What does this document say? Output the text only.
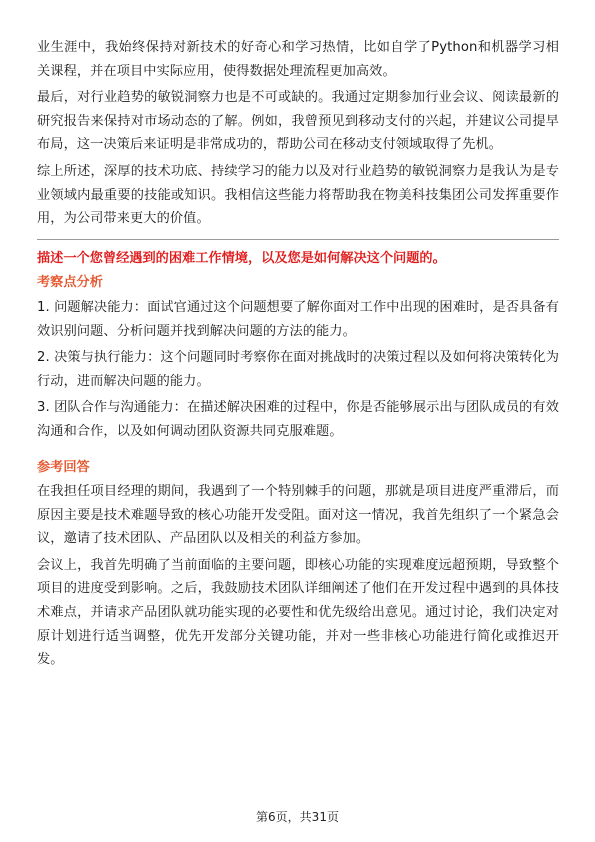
业生涯中，我始终保持对新技术的好奇心和学习热情，比如自学了Python和机器学习相关课程，并在项目中实际应用，使得数据处理流程更加高效。

最后，对行业趋势的敏锐洞察力也是不可或缺的。我通过定期参加行业会议、阅读最新的研究报告来保持对市场动态的了解。例如，我曾预见到移动支付的兴起，并建议公司提早布局，这一决策后来证明是非常成功的，帮助公司在移动支付领域取得了先机。

综上所述，深厚的技术功底、持续学习的能力以及对行业趋势的敏锐洞察力是我认为是专业领域内最重要的技能或知识。我相信这些能力将帮助我在物美科技集团公司发挥重要作用，为公司带来更大的价值。

描述一个您曾经遇到的困难工作情境，以及您是如何解决这个问题的。

考察点分析

1. 问题解决能力：面试官通过这个问题想要了解你面对工作中出现的困难时，是否具备有效识别问题、分析问题并找到解决问题的方法的能力。

2. 决策与执行能力：这个问题同时考察你在面对挑战时的决策过程以及如何将决策转化为行动，进而解决问题的能力。

3. 团队合作与沟通能力：在描述解决困难的过程中，你是否能够展示出与团队成员的有效沟通和合作，以及如何调动团队资源共同克服难题。

参考回答

在我担任项目经理的期间，我遇到了一个特别棘手的问题，那就是项目进度严重滞后，而原因主要是技术难题导致的核心功能开发受阻。面对这一情况，我首先组织了一个紧急会议，邀请了技术团队、产品团队以及相关的利益方参加。

会议上，我首先明确了当前面临的主要问题，即核心功能的实现难度远超预期，导致整个项目的进度受到影响。之后，我鼓励技术团队详细阐述了他们在开发过程中遇到的具体技术难点，并请求产品团队就功能实现的必要性和优先级给出意见。通过讨论，我们决定对原计划进行适当调整，优先开发部分关键功能，并对一些非核心功能进行简化或推迟开发。

第6页，共31页
